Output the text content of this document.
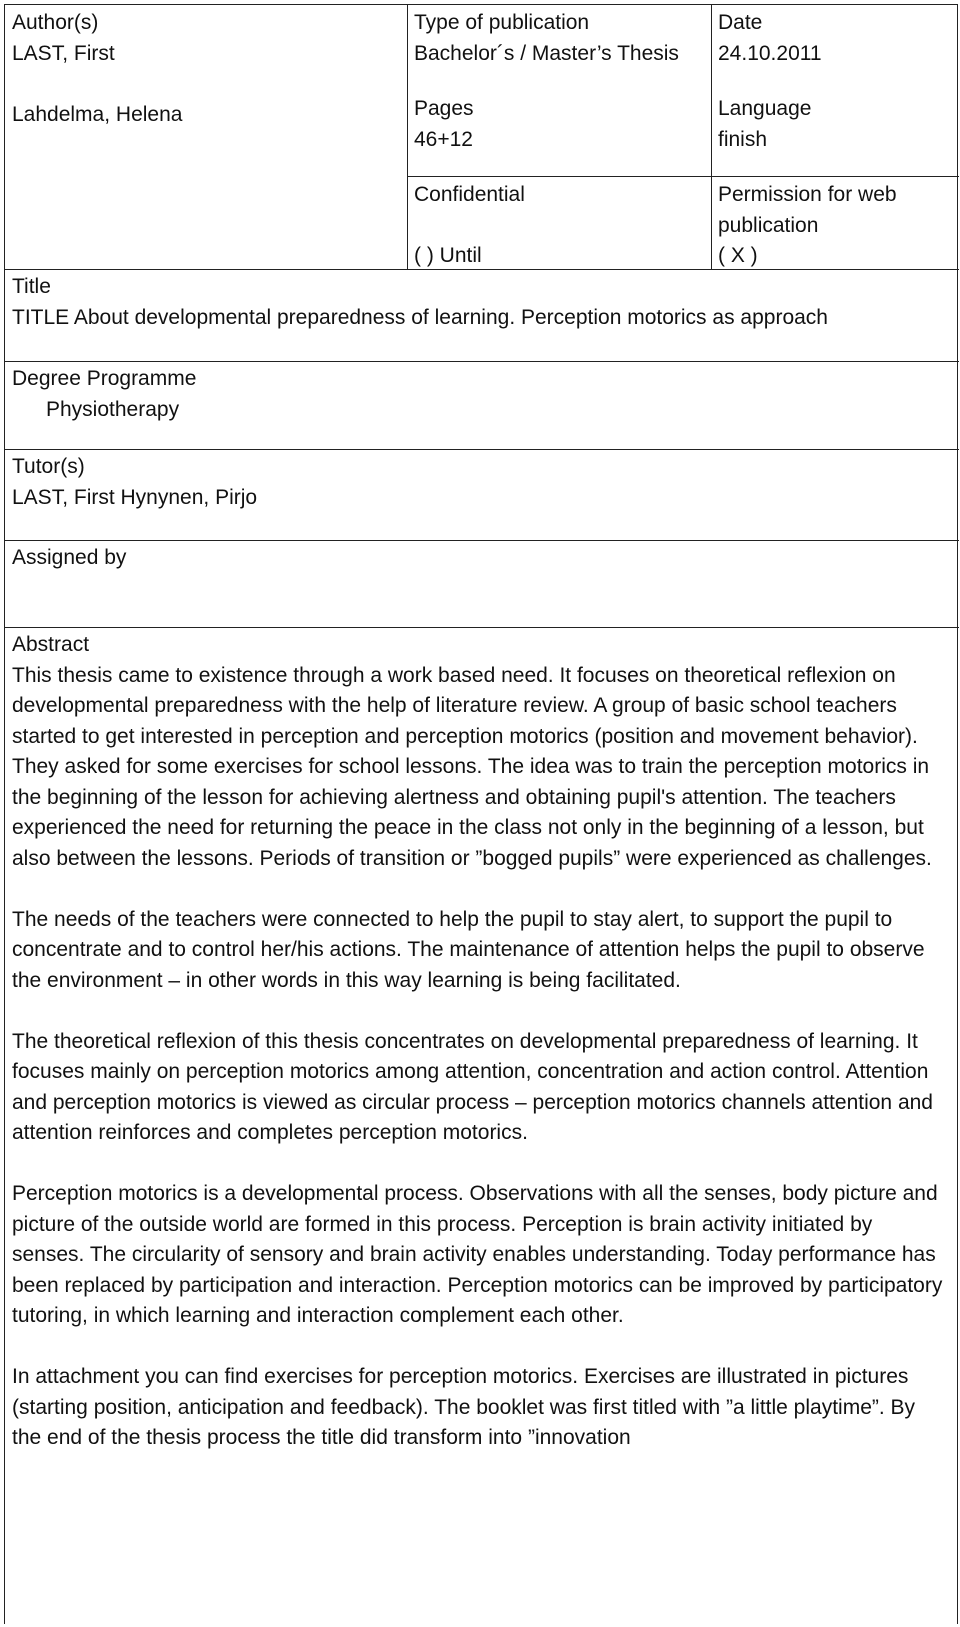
Author(s)
LAST, First
Lahdelma, Helena
Type of publication
Bachelor´s / Master’s Thesis
Pages
46+12
Confidential
( ) Until
Date
24.10.2011
Language
finish
Permission for web
publication
( X )
Title
TITLE About developmental preparedness of learning. Perception motorics as approach
Degree Programme
Physiotherapy
Tutor(s)
LAST, First Hynynen, Pirjo
Assigned by
Abstract

This thesis came to existence through a work based need. It focuses on theoretical reflexion on developmental preparedness with the help of literature review. A group of basic school teachers started to get interested in perception and perception motorics (position and movement behavior). They asked for some exercises for school lessons. The idea was to train the perception motorics in the beginning of the lesson for achieving alertness and obtaining pupil's attention. The teachers experienced the need for returning the peace in the class not only in the beginning of a lesson, but also between the lessons. Periods of transition or ”bogged pupils” were experienced as challenges.

The needs of the teachers were connected to help the pupil to stay alert, to support the pupil to concentrate and to control her/his actions. The maintenance of attention helps the pupil to observe the environment – in other words in this way learning is being facilitated.

The theoretical reflexion of this thesis concentrates on developmental preparedness of learning. It focuses mainly on perception motorics among attention, concentration and action control. Attention and perception motorics is viewed as circular process – perception motorics channels attention and attention reinforces and completes perception motorics.

Perception motorics is a developmental process. Observations with all the senses, body picture and picture of the outside world are formed in this process. Perception is brain activity initiated by senses. The circularity of sensory and brain activity enables understanding. Today performance has been replaced by participation and interaction. Perception motorics can be improved by participatory tutoring, in which learning and interaction complement each other.

In attachment you can find exercises for perception motorics. Exercises are illustrated in pictures (starting position, anticipation and feedback). The booklet was first titled with ”a little playtime”. By the end of the thesis process the title did transform into ”innovation
